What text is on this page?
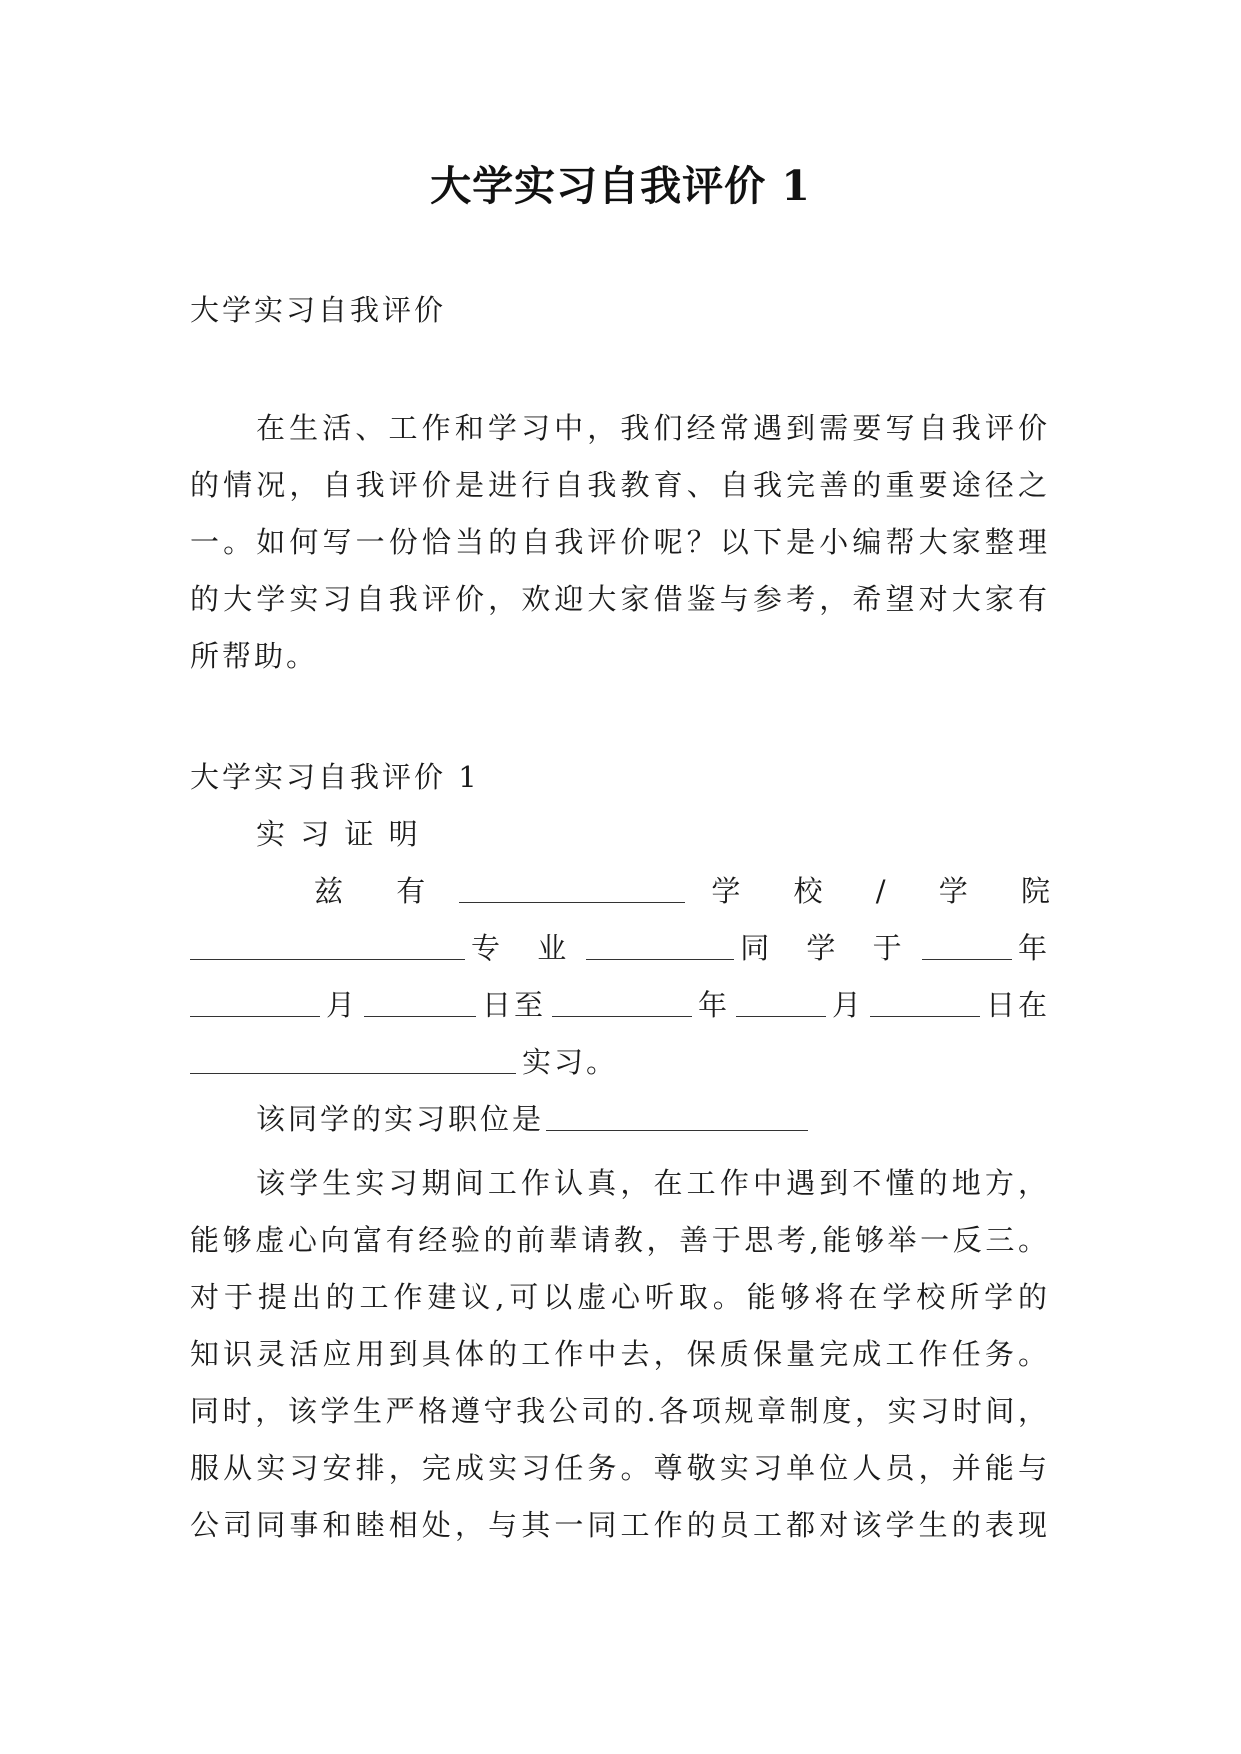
大学实习自我评价 1
大学实习自我评价
在生活、工作和学习中，我们经常遇到需要写自我评价
的情况，自我评价是进行自我教育、自我完善的重要途径之
一。如何写一份恰当的自我评价呢？以下是小编帮大家整理
的大学实习自我评价，欢迎大家借鉴与参考，希望对大家有
所帮助。
大学实习自我评价 1
实 习 证 明
兹 有	学 校 / 学 院
专 业	同 学 于	年
月	日至	年	月	日在
实习。
该同学的实习职位是
该学生实习期间工作认真，在工作中遇到不懂的地方，
能够虚心向富有经验的前辈请教，善于思考,能够举一反三。
对于提出的工作建议,可以虚心听取。能够将在学校所学的
知识灵活应用到具体的工作中去，保质保量完成工作任务。
同时，该学生严格遵守我公司的.各项规章制度，实习时间，
服从实习安排，完成实习任务。尊敬实习单位人员，并能与
公司同事和睦相处，与其一同工作的员工都对该学生的表现
